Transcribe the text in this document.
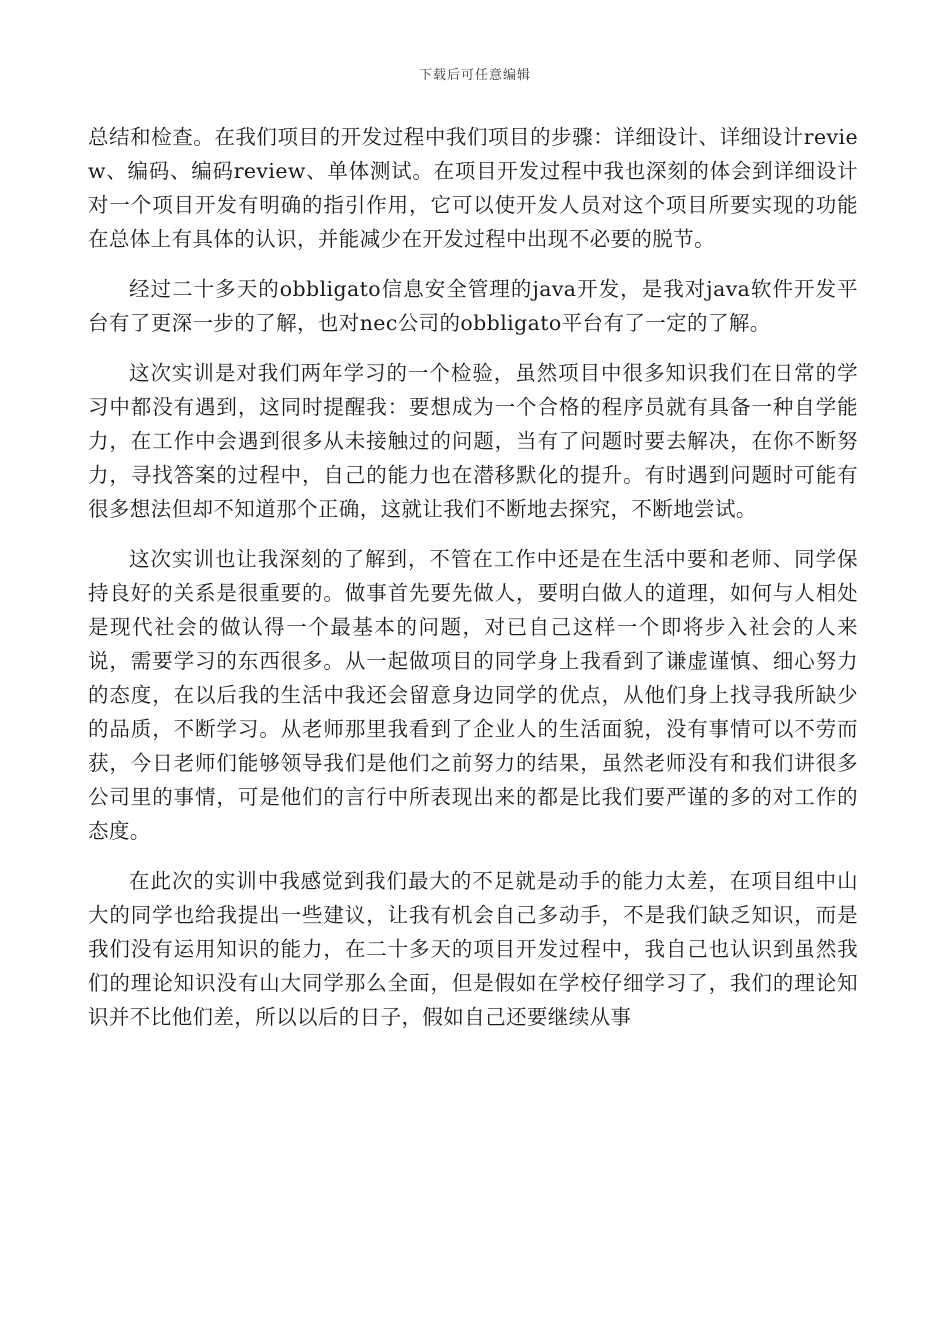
下载后可任意编辑

总结和检查。在我们项目的开发过程中我们项目的步骤：详细设计、详细设计review、编码、编码review、单体测试。在项目开发过程中我也深刻的体会到详细设计对一个项目开发有明确的指引作用，它可以使开发人员对这个项目所要实现的功能在总体上有具体的认识，并能减少在开发过程中出现不必要的脱节。

经过二十多天的obbligato信息安全管理的java开发，是我对java软件开发平台有了更深一步的了解，也对nec公司的obbligato平台有了一定的了解。

这次实训是对我们两年学习的一个检验，虽然项目中很多知识我们在日常的学习中都没有遇到，这同时提醒我：要想成为一个合格的程序员就有具备一种自学能力，在工作中会遇到很多从未接触过的问题，当有了问题时要去解决，在你不断努力，寻找答案的过程中，自己的能力也在潜移默化的提升。有时遇到问题时可能有很多想法但却不知道那个正确，这就让我们不断地去探究，不断地尝试。

这次实训也让我深刻的了解到，不管在工作中还是在生活中要和老师、同学保持良好的关系是很重要的。做事首先要先做人，要明白做人的道理，如何与人相处是现代社会的做认得一个最基本的问题，对已自己这样一个即将步入社会的人来说，需要学习的东西很多。从一起做项目的同学身上我看到了谦虚谨慎、细心努力的态度，在以后我的生活中我还会留意身边同学的优点，从他们身上找寻我所缺少的品质，不断学习。从老师那里我看到了企业人的生活面貌，没有事情可以不劳而获，今日老师们能够领导我们是他们之前努力的结果，虽然老师没有和我们讲很多公司里的事情，可是他们的言行中所表现出来的都是比我们要严谨的多的对工作的态度。

在此次的实训中我感觉到我们最大的不足就是动手的能力太差，在项目组中山大的同学也给我提出一些建议，让我有机会自己多动手，不是我们缺乏知识，而是我们没有运用知识的能力，在二十多天的项目开发过程中，我自己也认识到虽然我们的理论知识没有山大同学那么全面，但是假如在学校仔细学习了，我们的理论知识并不比他们差，所以以后的日子，假如自己还要继续从事
